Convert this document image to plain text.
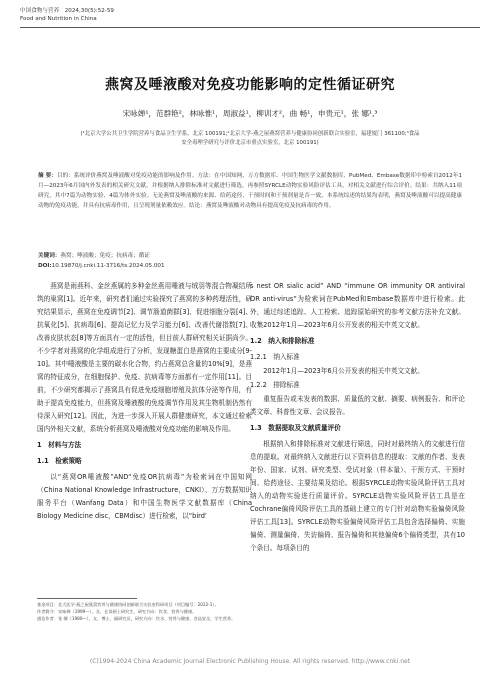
中国食物与营养　2024,30(5):52-59
Food and Nutrition in China
燕窝及唾液酸对免疫功能影响的定性循证研究
宋咏婵¹，范群艳²，林咏惟¹，周淑益¹，柳训才²，曲 畅¹，申贵元¹，张 娜¹,³
(¹北京大学公共卫生学院营养与食品卫生学系，北京 100191;²北京大学-燕之屋燕窝营养与健康协同创新联合实验室，福建厦门 361100;³食品安全毒理学研究与评价北京市重点实验室，北京 100191)
摘 要：目的：系统评价燕窝及唾液酸对免疫功能的影响及作用。方法：在中国知网、万方数据库、中国生物医学文献数据库、PubMed、Embase数据库中检索自2012年1月—2023年6月国内外发表的相关研究文献，并根据纳入排除标准对文献进行筛选，再参照SYRCLE动物实验风险评估工具，对相关文献进行综合评价。结果：共纳入11项研究，其中7篇为动物实验、4篇为体外实验。无论燕窝及唾液酸的来源、给药途径、干预时间和干预剂量是否一致，本系统综述的结果均表明，燕窝及唾液酸可以提高健康动物的免疫功能，并具有抗病毒作用，且呈现剂量依赖效应。结论：燕窝及唾液酸对动物具有提高免疫及抗病毒的作用。
关键词：燕窝；唾液酸；免疫；抗病毒；循证
DOI:10.19870/j.cnki.11-3716/ts.2024.05.001

燕窝是雨燕科、金丝燕属的多种金丝燕用唾液与绒羽等混合物凝结所筑的巢窝[1]。近年来，研究者们通过实验探究了燕窝的多种药理活性，研究结果显示，燕窝在免疫调节[2]、调节肠道菌群[3]、促进细胞分裂[4]、抗氧化[5]、抗病毒[6]、提高记忆力及学习能力[6]、改善代谢指数[7]、改善皮肤状态[8]等方面具有一定的活性，但目前人群研究相关证据尚少。不少学者对燕窝的化学组成进行了分析，发现糖蛋白是燕窝的主要成分[9-10]。其中唾液酸是主要的碳水化合物，约占燕窝总含量的10%[9]，是燕窝的特征成分，在细胞保护、免疫、抗病毒等方面都有一定作用[11]。目前，不少研究都揭示了燕窝具有促进免疫细胞增殖及抗体分泌等作用，有助于提高免疫能力，但燕窝及唾液酸的免疫调节作用及其生物机制仍然有待深入研究[12]。因此，为进一步深入开展人群健康研究，本文通过检索国内外相关文献，系统分析燕窝及唾液酸对免疫功能的影响及作用。

1　材料与方法
1.1　检索策略

以“燕窝OR唾液酸”AND“免疫OR抗病毒”为检索词在中国知网（China National Knowledge Infrastructure，CNKI）、万方数据知识服务平台（Wanfang Data）和中国生物医学文献数据库（China Biology Medicine disc，CBMdisc）进行检索，以“bird’

s nest OR sialic acid” AND “immune OR immunity OR antiviral OR anti-virus”为检索词在PubMed和Embase数据库中进行检索。此外，通过综述追踪、人工检索、追踪原始研究的参考文献方法补充文献。收集2012年1月—2023年6月公开发表的相关中英文文献。

1.2　纳入和排除标准
1.2.1　纳入标准

2012年1月—2023年6月公开发表的相关中英文文献。

1.2.2　排除标准

重复报告或未发表的数据、质量低的文献、摘要、病例报告、和评论类文章、科普性文章、会议报告。

1.3　数据提取及文献质量评价

根据纳入和排除标准对文献进行筛选，同时对最终纳入的文献进行信息的提取。对最终纳入文献进行以下资料信息的提取：文献的作者、发表年份、国家、试剂、研究类型、受试对象（样本量）、干预方式、干预时间、给药途径、主要结果及结论。根据SYRCLE动物实验风险评估工具对纳入的动物实验进行质量评价。SYRCLE动物实验风险评估工具是在Cochrane偏倚风险评估工具的基础上建立的专门针对动物实验偏倚风险评估工具[13]。SYRCLE动物实验偏倚风险评估工具包含选择偏倚、实施偏倚、测量偏倚、失访偏倚、报告偏倚和其他偏倚6个偏倚类型，共有10个条目。每项条目的

基金项目：北大医学-燕之屋燕窝营养与健康协同创新联合实验室科研项目（项目编号：2022-1）。
作者简介：宋咏婵（1999—），女，在读硕士研究生，研究方向：饮食、营养与健康。
通信作者：张 娜（1980—），女，博士，副研究员，研究方向：饮水、营养与健康、食品安全，学生营养。
(C)1994-2024 China Academic Journal Electronic Publishing House. All rights reserved. http://www.cnki.net
